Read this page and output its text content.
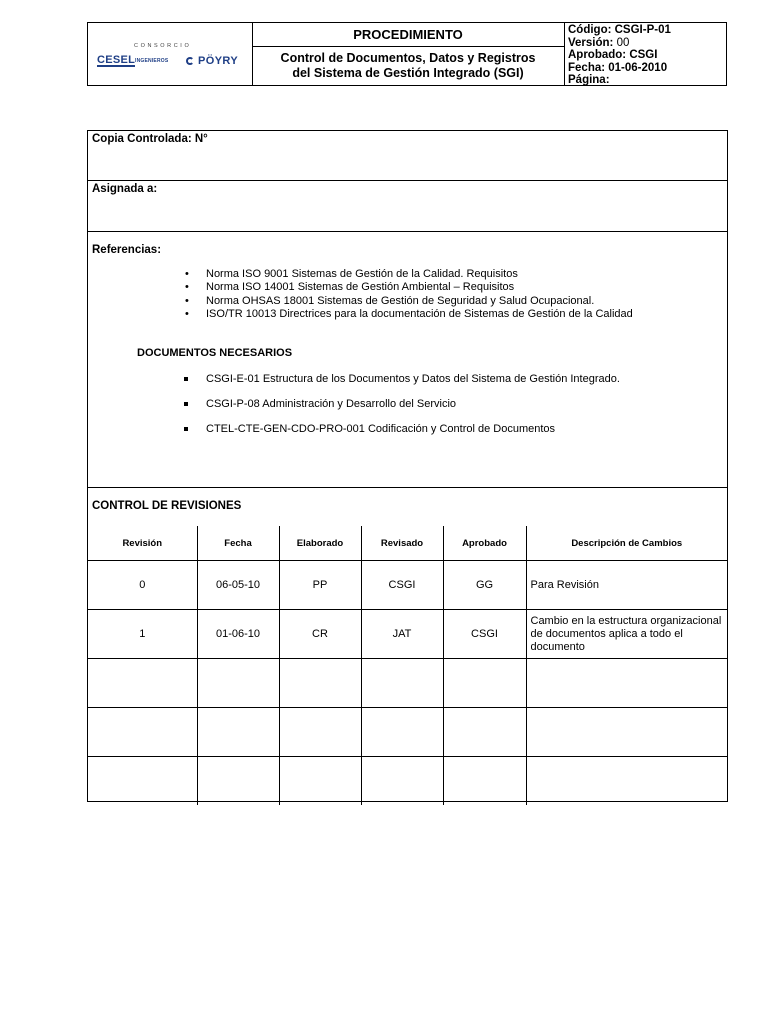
CONSORCIO
CESEL INGENIEROS	PÖYRY
PROCEDIMIENTO
Control de Documentos, Datos y Registros
del Sistema de Gestión Integrado (SGI)
Código: CSGI-P-01
Versión: 00
Aprobado: CSGI
Fecha: 01-06-2010
Página:
Copia Controlada: N°
Asignada a:
Referencias:
• Norma ISO 9001 Sistemas de Gestión de la Calidad. Requisitos
• Norma ISO 14001 Sistemas de Gestión Ambiental – Requisitos
• Norma OHSAS 18001 Sistemas de Gestión de Seguridad y Salud Ocupacional.
• ISO/TR 10013 Directrices para la documentación de Sistemas de Gestión de la Calidad
DOCUMENTOS NECESARIOS
CSGI-E-01 Estructura de los Documentos y Datos del Sistema de Gestión Integrado.
CSGI-P-08 Administración y Desarrollo del Servicio
CTEL-CTE-GEN-CDO-PRO-001 Codificación y Control de Documentos
CONTROL DE REVISIONES
Revisión	Fecha	Elaborado	Revisado	Aprobado	Descripción de Cambios
0	06-05-10	PP	CSGI	GG	Para Revisión
1	01-06-10	CR	JAT	CSGI	Cambio en la estructura organizacional de documentos aplica a todo el documento
